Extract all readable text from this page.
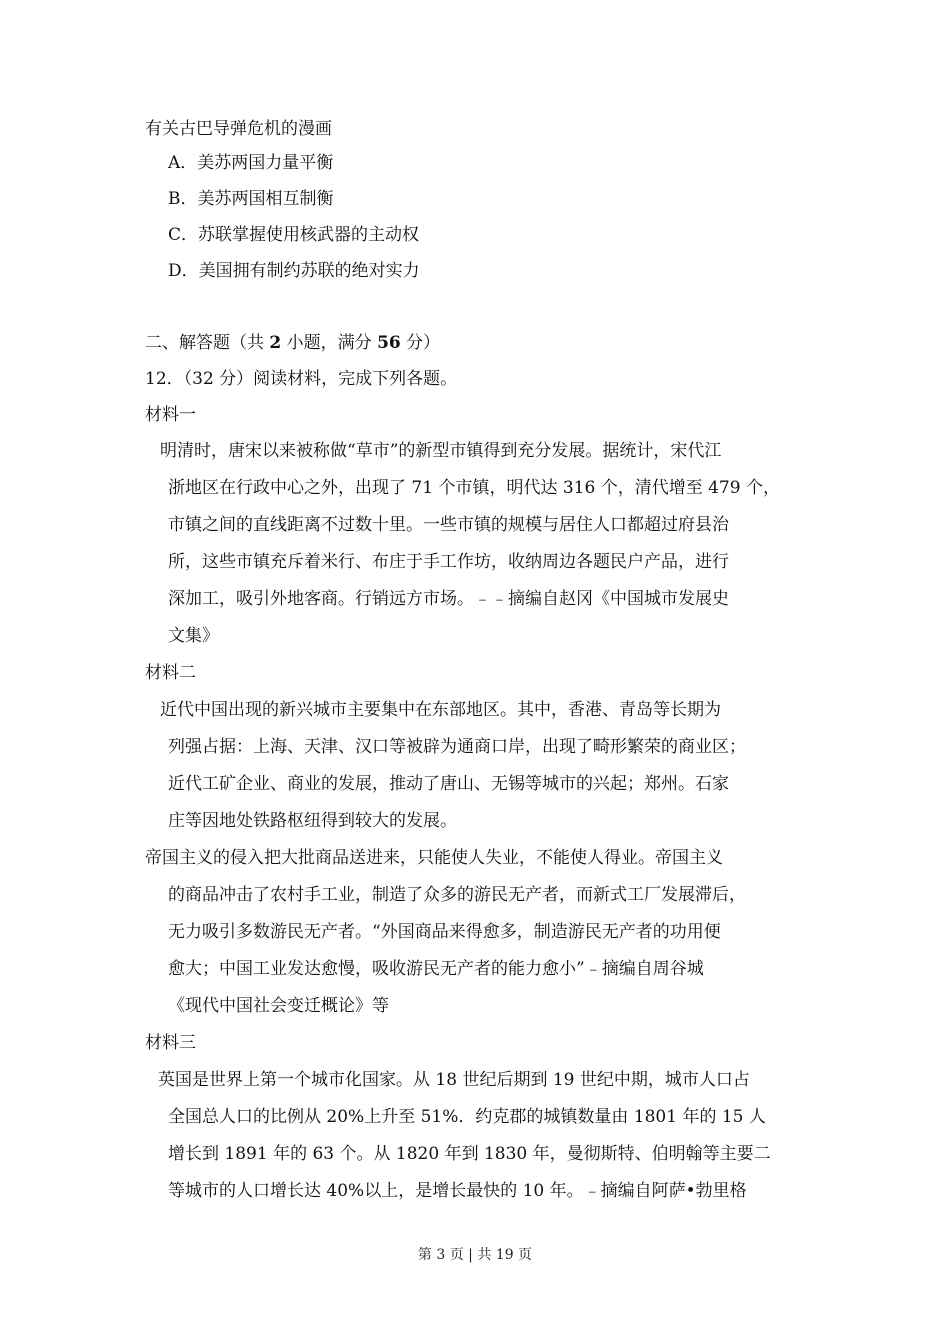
有关古巴导弹危机的漫画
A．美苏两国力量平衡
B．美苏两国相互制衡
C．苏联掌握使用核武器的主动权
D．美国拥有制约苏联的绝对实力
二、解答题（共 2 小题，满分 56 分）
12．（32 分）阅读材料，完成下列各题。
材料一
明清时，唐宋以来被称做“草市”的新型市镇得到充分发展。据统计，宋代江
浙地区在行政中心之外，出现了 71 个市镇，明代达 316 个，清代增至 479 个，
市镇之间的直线距离不过数十里。一些市镇的规模与居住人口都超过府县治
所，这些市镇充斥着米行、布庄于手工作坊，收纳周边各题民户产品，进行
深加工，吸引外地客商。行销远方市场。﹣﹣摘编自赵冈《中国城市发展史
文集》
材料二
近代中国出现的新兴城市主要集中在东部地区。其中，香港、青岛等长期为
列强占据：上海、天津、汉口等被辟为通商口岸，出现了畸形繁荣的商业区；
近代工矿企业、商业的发展，推动了唐山、无锡等城市的兴起；郑州。石家
庄等因地处铁路枢纽得到较大的发展。
帝国主义的侵入把大批商品送进来，只能使人失业，不能使人得业。帝国主义
的商品冲击了农村手工业，制造了众多的游民无产者，而新式工厂发展滞后，
无力吸引多数游民无产者。“外国商品来得愈多，制造游民无产者的功用便
愈大；中国工业发达愈慢，吸收游民无产者的能力愈小”﹣摘编自周谷城
《现代中国社会变迁概论》等
材料三
英国是世界上第一个城市化国家。从 18 世纪后期到 19 世纪中期，城市人口占
全国总人口的比例从 20%上升至 51%．约克郡的城镇数量由 1801 年的 15 人
增长到 1891 年的 63 个。从 1820 年到 1830 年，曼彻斯特、伯明翰等主要二
等城市的人口增长达 40%以上，是增长最快的 10 年。﹣摘编自阿萨•勃里格
第 3 页 | 共 19 页
